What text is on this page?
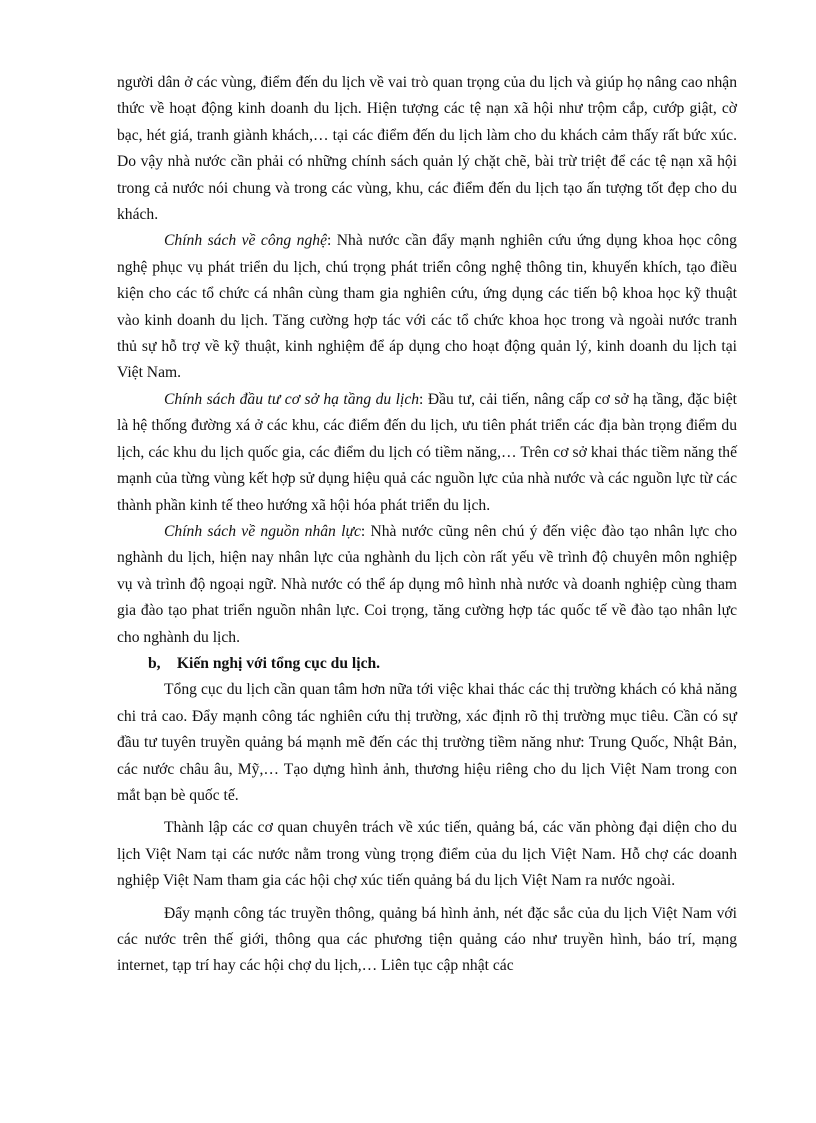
người dân ở các vùng, điểm đến du lịch về vai trò quan trọng của du lịch và giúp họ nâng cao nhận thức về hoạt động kinh doanh du lịch. Hiện tượng các tệ nạn xã hội như trộm cắp, cướp giật, cờ bạc, hét giá, tranh giành khách,… tại các điểm đến du lịch làm cho du khách cảm thấy rất bức xúc. Do vậy nhà nước cần phải có những chính sách quản lý chặt chẽ, bài trừ triệt để các tệ nạn xã hội trong cả nước nói chung và trong các vùng, khu, các điểm đến du lịch tạo ấn tượng tốt đẹp cho du khách.

Chính sách về công nghệ: Nhà nước cần đẩy mạnh nghiên cứu ứng dụng khoa học công nghệ phục vụ phát triển du lịch, chú trọng phát triển công nghệ thông tin, khuyến khích, tạo điều kiện cho các tổ chức cá nhân cùng tham gia nghiên cứu, ứng dụng các tiến bộ khoa học kỹ thuật vào kinh doanh du lịch. Tăng cường hợp tác với các tổ chức khoa học trong và ngoài nước tranh thủ sự hỗ trợ về kỹ thuật, kinh nghiệm để áp dụng cho hoạt động quản lý, kinh doanh du lịch tại Việt Nam.

Chính sách đầu tư cơ sở hạ tầng du lịch: Đầu tư, cải tiến, nâng cấp cơ sở hạ tầng, đặc biệt là hệ thống đường xá ở các khu, các điểm đến du lịch, ưu tiên phát triển các địa bàn trọng điểm du lịch, các khu du lịch quốc gia, các điểm du lịch có tiềm năng,… Trên cơ sở khai thác tiềm năng thế mạnh của từng vùng kết hợp sử dụng hiệu quả các nguồn lực của nhà nước và các nguồn lực từ các thành phần kinh tế theo hướng xã hội hóa phát triển du lịch.

Chính sách về nguồn nhân lực: Nhà nước cũng nên chú ý đến việc đào tạo nhân lực cho nghành du lịch, hiện nay nhân lực của nghành du lịch còn rất yếu về trình độ chuyên môn nghiệp vụ và trình độ ngoại ngữ. Nhà nước có thể áp dụng mô hình nhà nước và doanh nghiệp cùng tham gia đào tạo phat triển nguồn nhân lực. Coi trọng, tăng cường hợp tác quốc tế về đào tạo nhân lực cho nghành du lịch.

b, Kiến nghị với tổng cục du lịch.

Tổng cục du lịch cần quan tâm hơn nữa tới việc khai thác các thị trường khách có khả năng chi trả cao. Đẩy mạnh công tác nghiên cứu thị trường, xác định rõ thị trường mục tiêu. Cần có sự đầu tư tuyên truyền quảng bá mạnh mẽ đến các thị trường tiềm năng như: Trung Quốc, Nhật Bản, các nước châu âu, Mỹ,… Tạo dựng hình ảnh, thương hiệu riêng cho du lịch Việt Nam trong con mắt bạn bè quốc tế.

Thành lập các cơ quan chuyên trách về xúc tiến, quảng bá, các văn phòng đại diện cho du lịch Việt Nam tại các nước nằm trong vùng trọng điểm của du lịch Việt Nam. Hỗ chợ các doanh nghiệp Việt Nam tham gia các hội chợ xúc tiến quảng bá du lịch Việt Nam ra nước ngoài.

Đẩy mạnh công tác truyền thông, quảng bá hình ảnh, nét đặc sắc của du lịch Việt Nam với các nước trên thế giới, thông qua các phương tiện quảng cáo như truyền hình, báo trí, mạng internet, tạp trí hay các hội chợ du lịch,… Liên tục cập nhật các
